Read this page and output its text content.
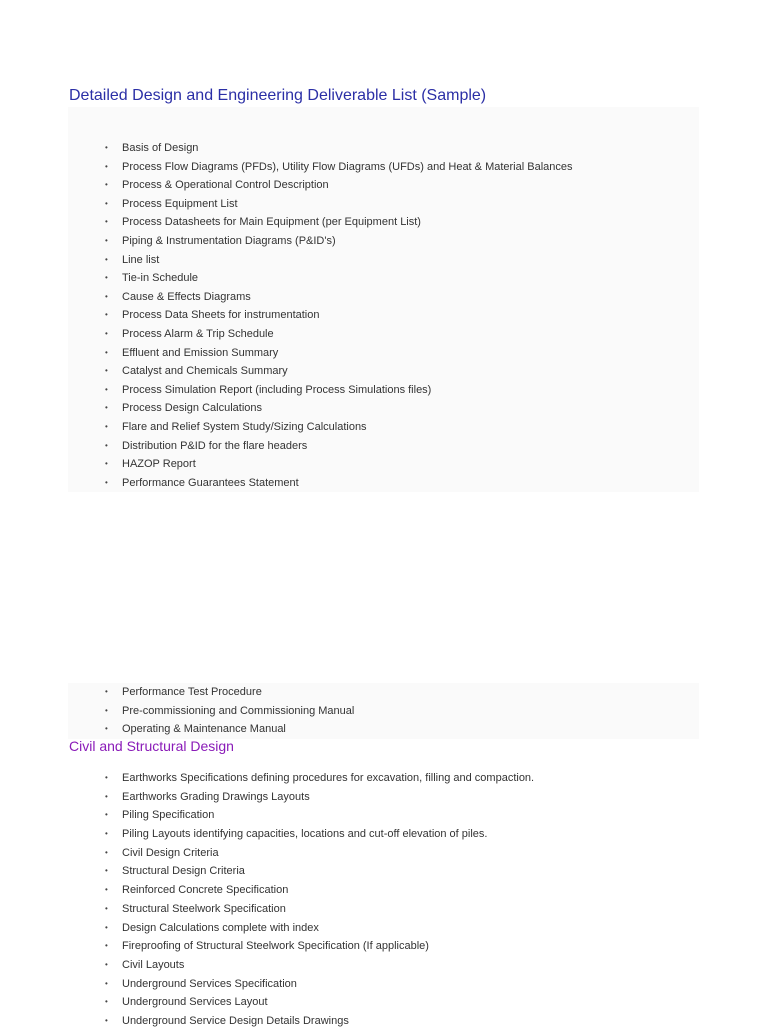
Detailed Design and Engineering Deliverable List (Sample)
• Basis of Design
• Process Flow Diagrams (PFDs), Utility Flow Diagrams (UFDs) and Heat & Material Balances
• Process & Operational Control Description
• Process Equipment List
• Process Datasheets for Main Equipment (per Equipment List)
• Piping & Instrumentation Diagrams (P&ID's)
• Line list
• Tie-in Schedule
• Cause & Effects Diagrams
• Process Data Sheets for instrumentation
• Process Alarm & Trip Schedule
• Effluent and Emission Summary
• Catalyst and Chemicals Summary
• Process Simulation Report (including Process Simulations files)
• Process Design Calculations
• Flare and Relief System Study/Sizing Calculations
• Distribution P&ID for the flare headers
• HAZOP Report
• Performance Guarantees Statement
• Performance Test Procedure
• Pre-commissioning and Commissioning Manual
• Operating & Maintenance Manual
Civil and Structural Design
• Earthworks Specifications defining procedures for excavation, filling and compaction.
• Earthworks Grading Drawings Layouts
• Piling Specification
• Piling Layouts identifying capacities, locations and cut-off elevation of piles.
• Civil Design Criteria
• Structural Design Criteria
• Reinforced Concrete Specification
• Structural Steelwork Specification
• Design Calculations complete with index
• Fireproofing of Structural Steelwork Specification (If applicable)
• Civil Layouts
• Underground Services Specification
• Underground Services Layout
• Underground Service Design Details Drawings
